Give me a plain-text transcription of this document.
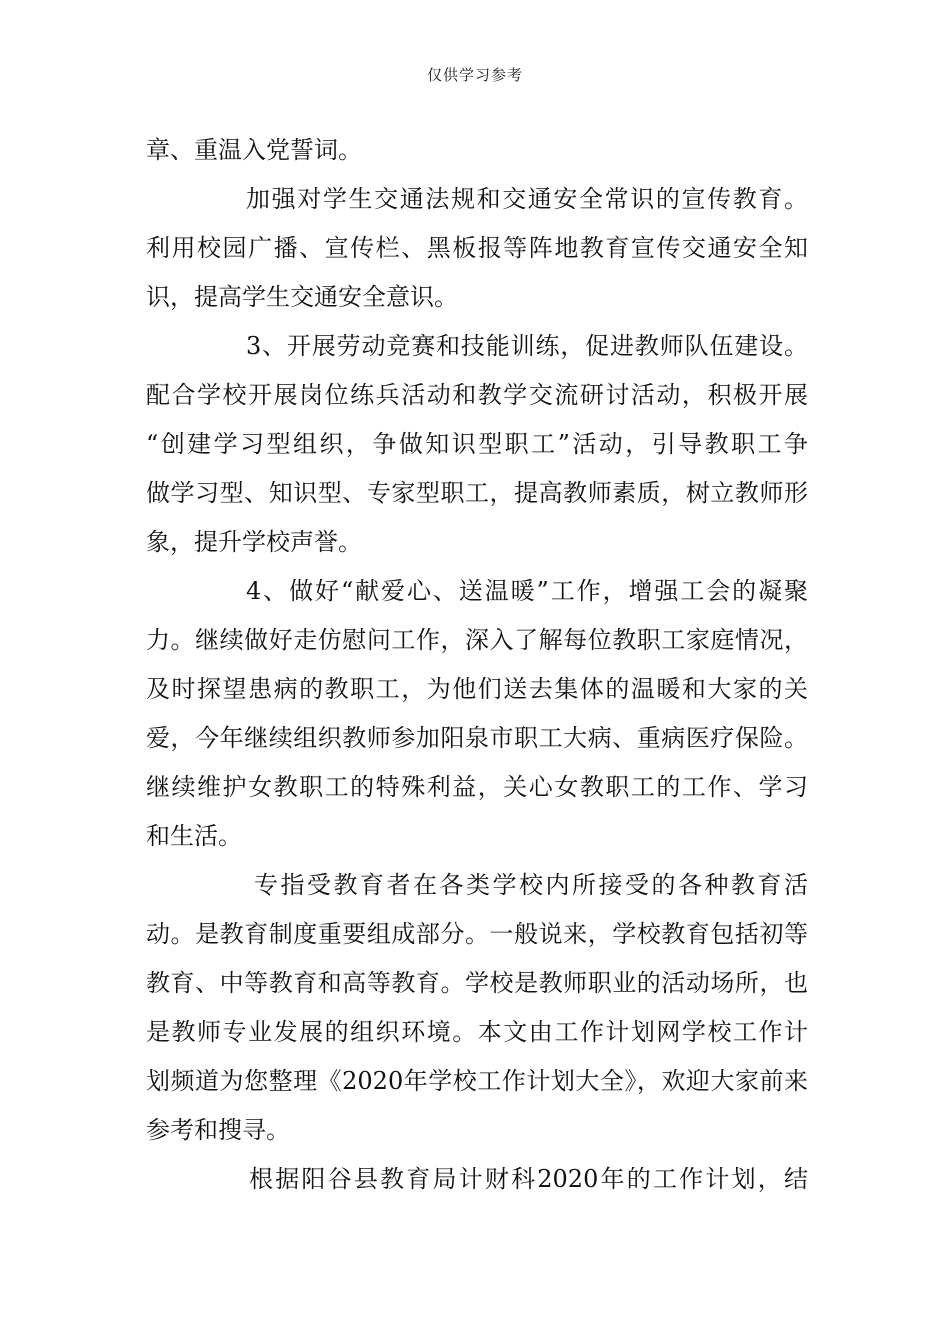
仅供学习参考
章、重温入党誓词。
加强对学生交通法规和交通安全常识的宣传教育。
利用校园广播、宣传栏、黑板报等阵地教育宣传交通安全知
识，提高学生交通安全意识。
3、开展劳动竞赛和技能训练，促进教师队伍建设。
配合学校开展岗位练兵活动和教学交流研讨活动，积极开展
“创建学习型组织，争做知识型职工”活动，引导教职工争
做学习型、知识型、专家型职工，提高教师素质，树立教师形
象，提升学校声誉。
4、做好“献爱心、送温暖”工作，增强工会的凝聚
力。继续做好走仿慰问工作，深入了解每位教职工家庭情况，
及时探望患病的教职工，为他们送去集体的温暖和大家的关
爱，今年继续组织教师参加阳泉市职工大病、重病医疗保险。
继续维护女教职工的特殊利益，关心女教职工的工作、学习
和生活。
专指受教育者在各类学校内所接受的各种教育活
动。是教育制度重要组成部分。一般说来，学校教育包括初等
教育、中等教育和高等教育。学校是教师职业的活动场所，也
是教师专业发展的组织环境。本文由工作计划网学校工作计
划频道为您整理《2020年学校工作计划大全》，欢迎大家前来
参考和搜寻。
根据阳谷县教育局计财科2020年的工作计划，结
